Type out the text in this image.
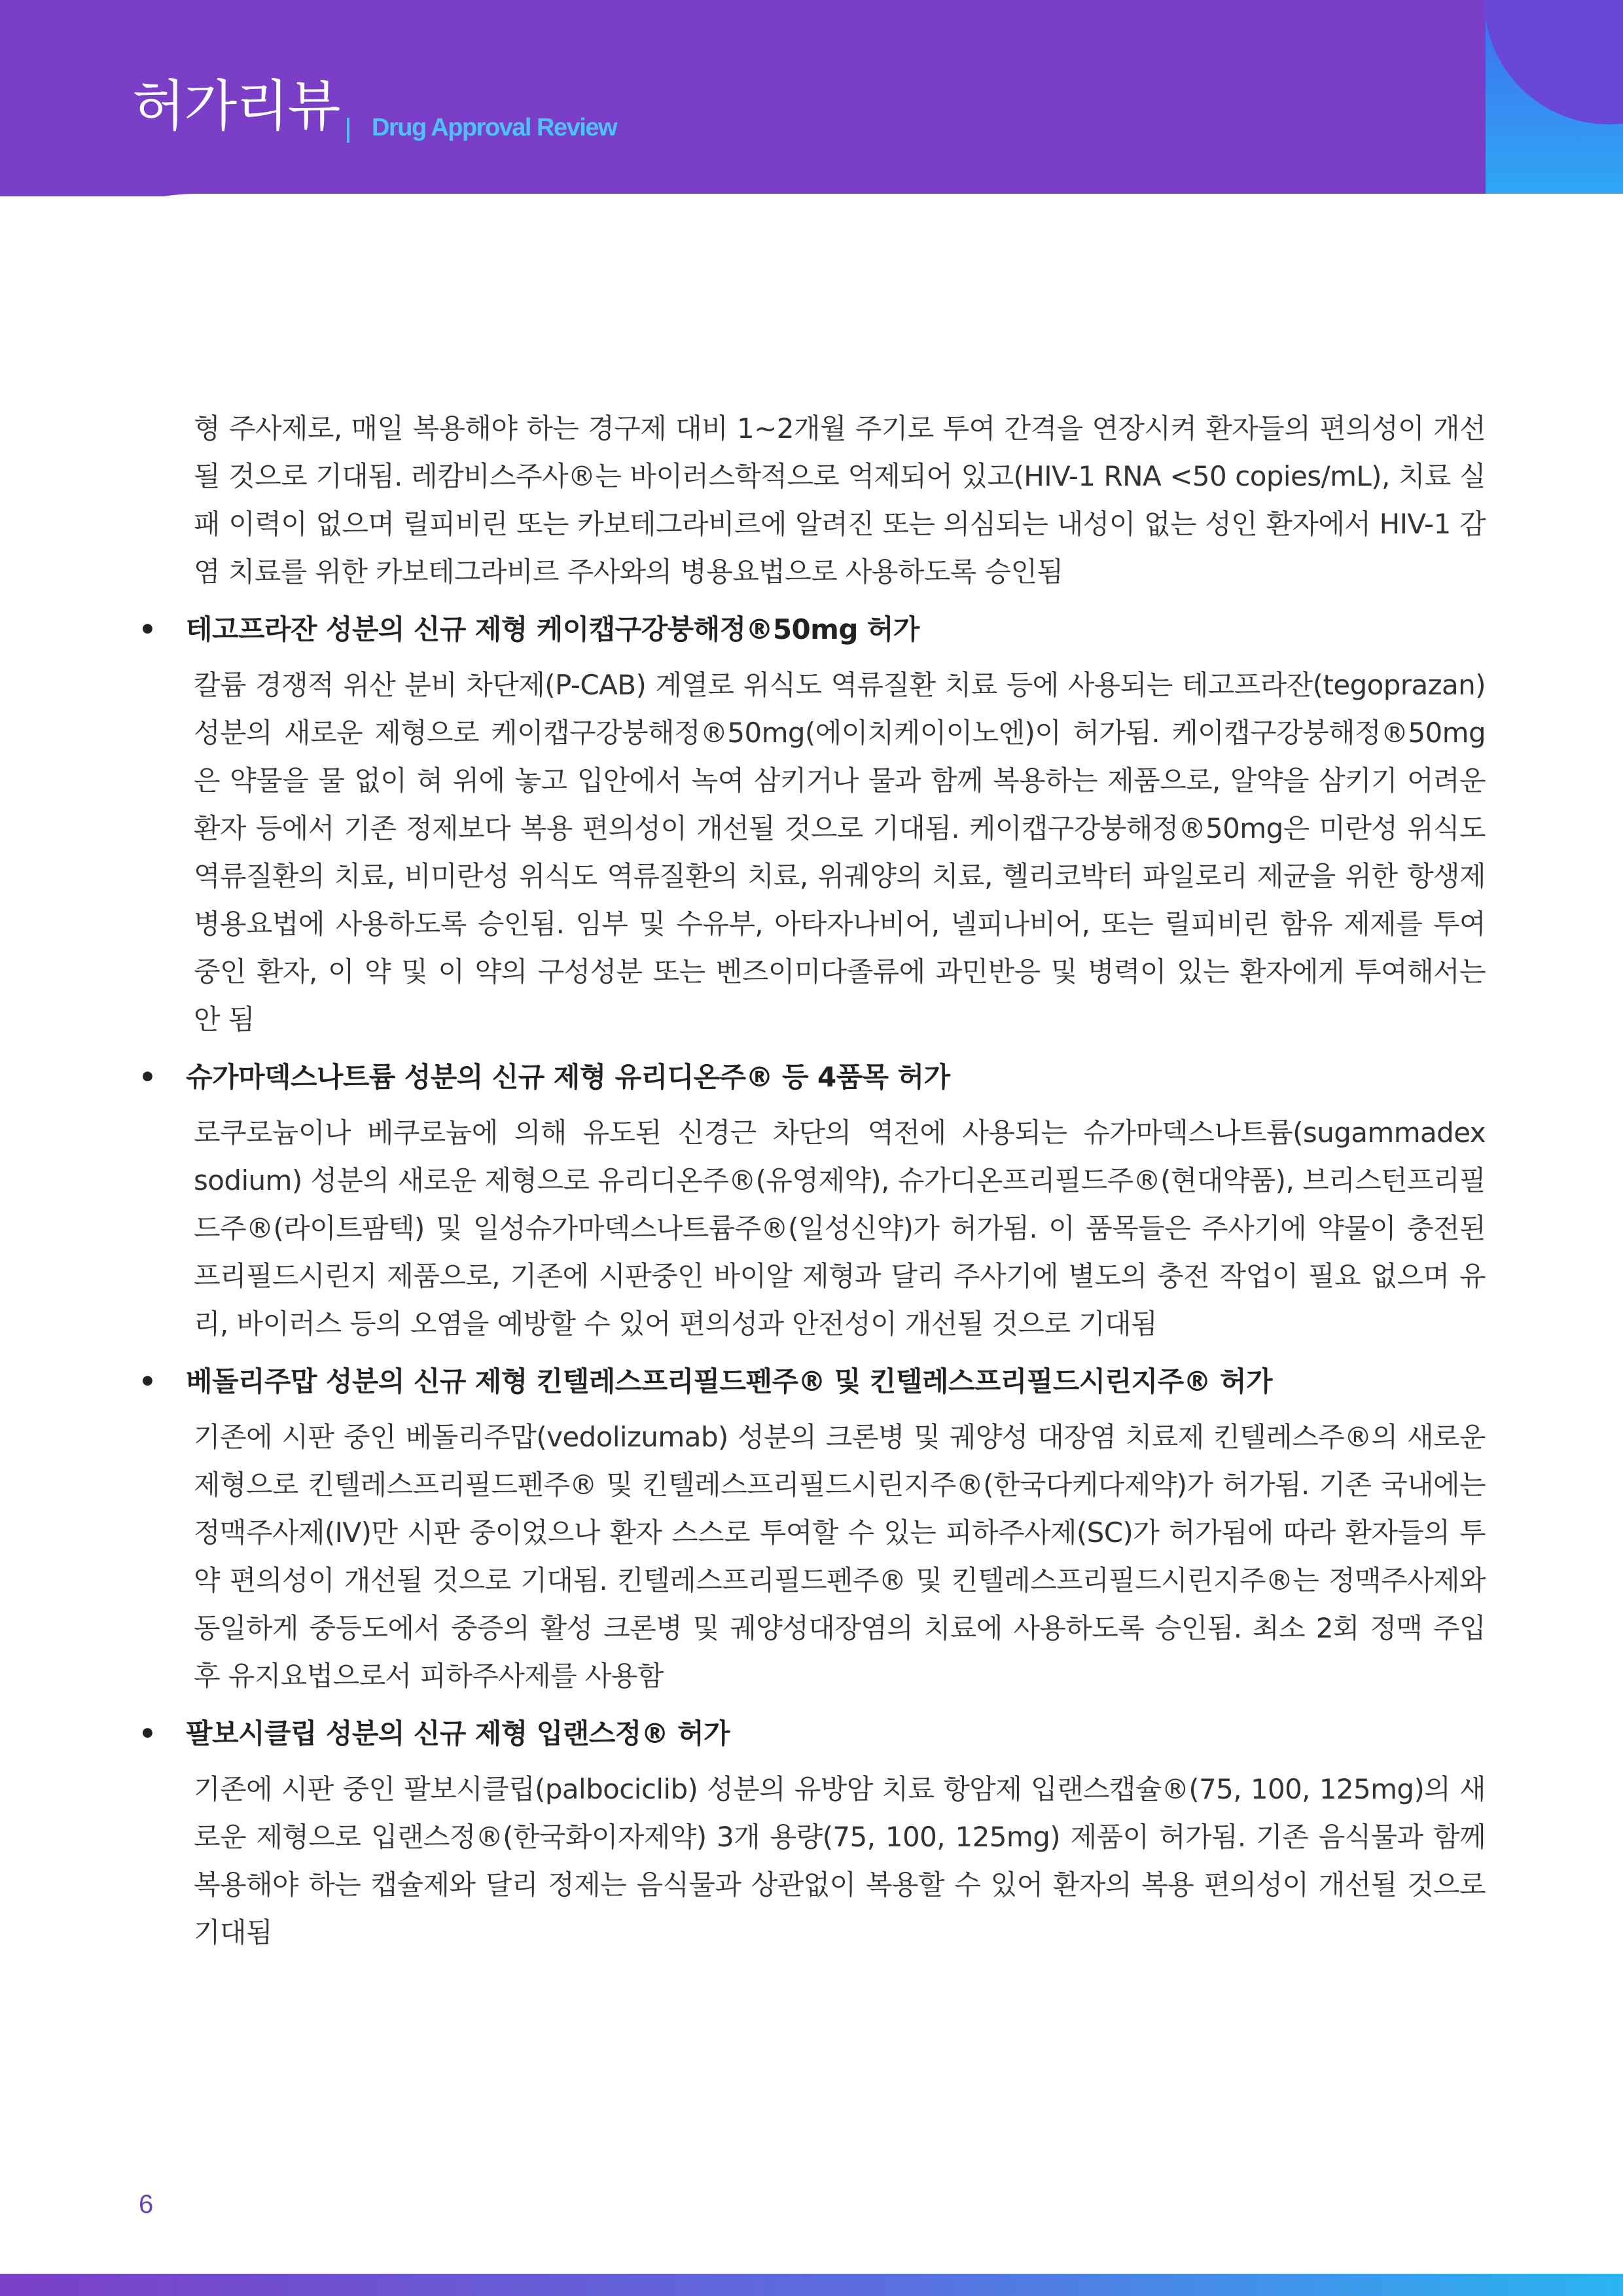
허가리뷰 Drug Approval Review

형 주사제로, 매일 복용해야 하는 경구제 대비 1~2개월 주기로 투여 간격을 연장시켜 환자들의 편의성이 개선될 것으로 기대됨. 레캄비스주사®는 바이러스학적으로 억제되어 있고(HIV-1 RNA <50 copies/mL), 치료 실패 이력이 없으며 릴피비린 또는 카보테그라비르에 알려진 또는 의심되는 내성이 없는 성인 환자에서 HIV-1 감염 치료를 위한 카보테그라비르 주사와의 병용요법으로 사용하도록 승인됨

• 테고프라잔 성분의 신규 제형 케이캡구강붕해정®50mg 허가

칼륨 경쟁적 위산 분비 차단제(P-CAB) 계열로 위식도 역류질환 치료 등에 사용되는 테고프라잔(tegoprazan) 성분의 새로운 제형으로 케이캡구강붕해정®50mg(에이치케이이노엔)이 허가됨. 케이캡구강붕해정®50mg은 약물을 물 없이 혀 위에 놓고 입안에서 녹여 삼키거나 물과 함께 복용하는 제품으로, 알약을 삼키기 어려운 환자 등에서 기존 정제보다 복용 편의성이 개선될 것으로 기대됨. 케이캡구강붕해정®50mg은 미란성 위식도 역류질환의 치료, 비미란성 위식도 역류질환의 치료, 위궤양의 치료, 헬리코박터 파일로리 제균을 위한 항생제 병용요법에 사용하도록 승인됨. 임부 및 수유부, 아타자나비어, 넬피나비어, 또는 릴피비린 함유 제제를 투여 중인 환자, 이 약 및 이 약의 구성성분 또는 벤즈이미다졸류에 과민반응 및 병력이 있는 환자에게 투여해서는 안 됨

• 슈가마덱스나트륨 성분의 신규 제형 유리디온주® 등 4품목 허가

로쿠로늄이나 베쿠로늄에 의해 유도된 신경근 차단의 역전에 사용되는 슈가마덱스나트륨(sugammadex sodium) 성분의 새로운 제형으로 유리디온주®(유영제약), 슈가디온프리필드주®(현대약품), 브리스턴프리필드주®(라이트팜텍) 및 일성슈가마덱스나트륨주®(일성신약)가 허가됨. 이 품목들은 주사기에 약물이 충전된 프리필드시린지 제품으로, 기존에 시판중인 바이알 제형과 달리 주사기에 별도의 충전 작업이 필요 없으며 유리, 바이러스 등의 오염을 예방할 수 있어 편의성과 안전성이 개선될 것으로 기대됨

• 베돌리주맙 성분의 신규 제형 킨텔레스프리필드펜주® 및 킨텔레스프리필드시린지주® 허가

기존에 시판 중인 베돌리주맙(vedolizumab) 성분의 크론병 및 궤양성 대장염 치료제 킨텔레스주®의 새로운 제형으로 킨텔레스프리필드펜주® 및 킨텔레스프리필드시린지주®(한국다케다제약)가 허가됨. 기존 국내에는 정맥주사제(IV)만 시판 중이었으나 환자 스스로 투여할 수 있는 피하주사제(SC)가 허가됨에 따라 환자들의 투약 편의성이 개선될 것으로 기대됨. 킨텔레스프리필드펜주® 및 킨텔레스프리필드시린지주®는 정맥주사제와 동일하게 중등도에서 중증의 활성 크론병 및 궤양성대장염의 치료에 사용하도록 승인됨. 최소 2회 정맥 주입 후 유지요법으로서 피하주사제를 사용함

• 팔보시클립 성분의 신규 제형 입랜스정® 허가

기존에 시판 중인 팔보시클립(palbociclib) 성분의 유방암 치료 항암제 입랜스캡슐®(75, 100, 125mg)의 새로운 제형으로 입랜스정®(한국화이자제약) 3개 용량(75, 100, 125mg) 제품이 허가됨. 기존 음식물과 함께 복용해야 하는 캡슐제와 달리 정제는 음식물과 상관없이 복용할 수 있어 환자의 복용 편의성이 개선될 것으로 기대됨

6
